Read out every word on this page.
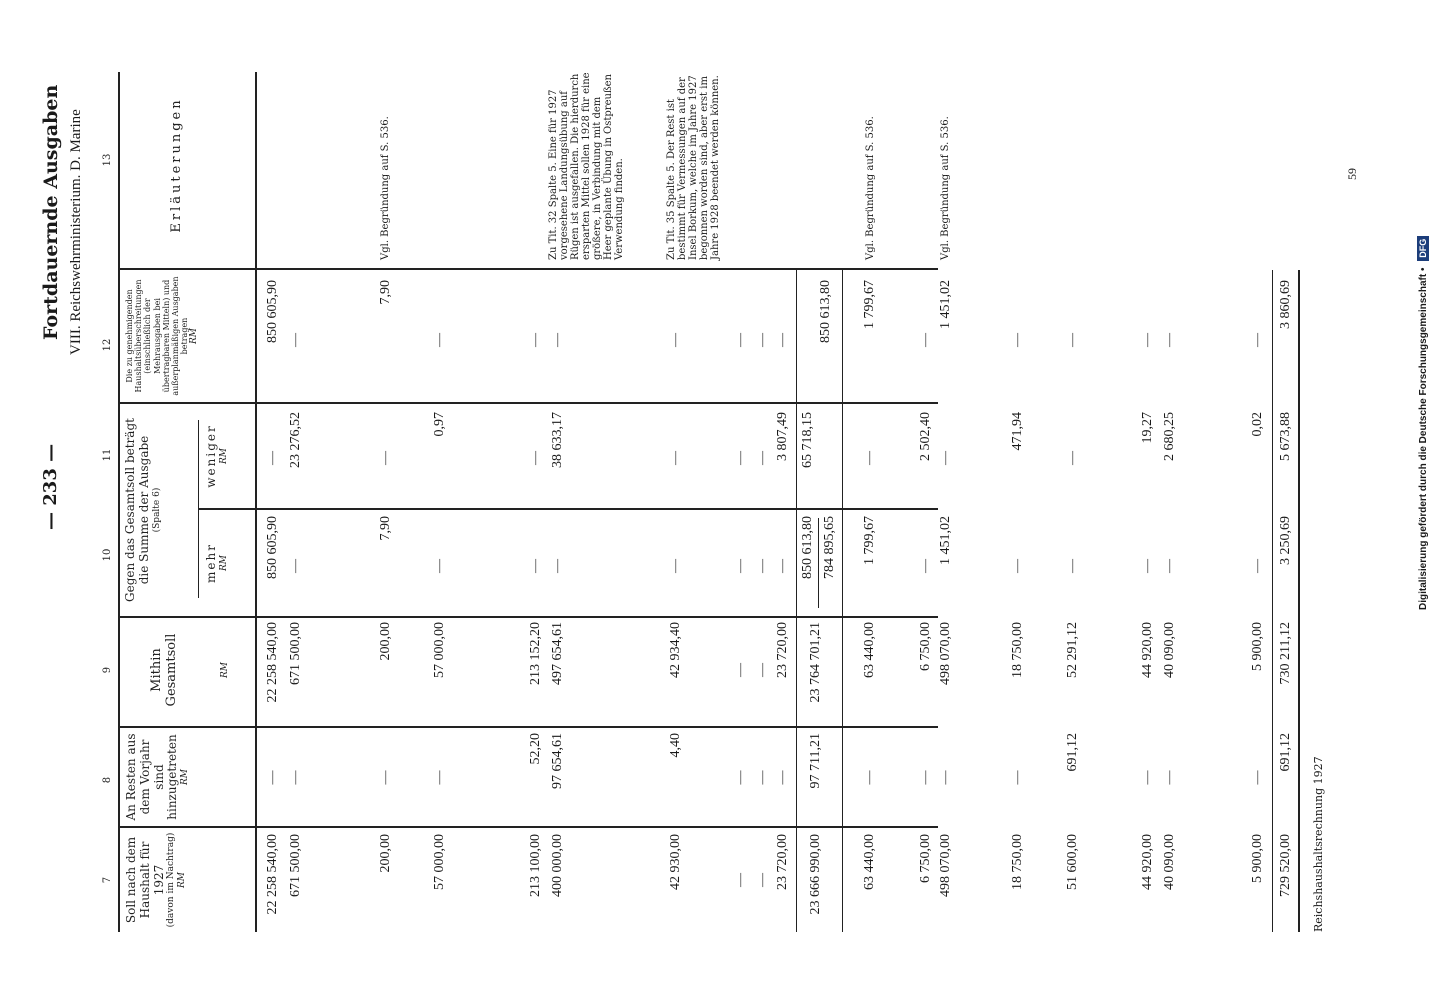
— 233 —
Fortdauernde Ausgaben VIII. Reichswehrministerium. D. Marine
7
8
9
10
11
12
13
Soll nach dem Haushalt für 1927 (davon im Nachtrag) RM
An Resten aus dem Vorjahr sind hinzugetreten RM
Mithin Gesamtsoll	RM
Gegen das Gesamtsoll beträgt die Summe der Ausgabe (Spalte 6)
mehr RM
weniger RM
Die zu genehmigenden Haushaltsüberschreitungen (einschließlich der Mehrausgaben bei übertragbaren Mitteln) und außerplanmäßigen Ausgaben betragen RM
Erläuterungen
22 258 540,00
—
22 258 540,00
850 605,90
—
850 605,90
671 500,00
—
671 500,00
—
23 276,52
—
200,00
—
200,00
7,90
—
7,90
Vgl. Begründung auf S. 536.
57 000,00
—
57 000,00
—
0,97
—
213 100,00
52,20
213 152,20
—
—
—
400 000,00
97 654,61
497 654,61
—
38 633,17
—
Zu Tit. 32 Spalte 5. Eine für 1927 vorgesehene Landungsübung auf Rügen ist ausgefallen. Die hierdurch ersparten Mittel sollen 1928 für eine größere, in Verbindung mit dem Heer geplante Übung in Ostpreußen Verwendung finden.
42 930,00
4,40
42 934,40
—
—
—
Zu Tit. 35 Spalte 5. Der Rest ist bestimmt für Vermessungen auf der Insel Borkum, welche im Jahre 1927 begonnen worden sind, aber erst im Jahre 1928 beendet werden können.
—
—
—
—
—
—
—
—
—
—
—
—
23 720,00
—
23 720,00
—
3 807,49
—
23 666 990,00
97 711,21
23 764 701,21
850 613,80 784 895,65
65 718,15
850 613,80
63 440,00
—
63 440,00
1 799,67
—
1 799,67
Vgl. Begründung auf S. 536.
6 750,00
—
6 750,00
—
2 502,40
—
498 070,00
—
498 070,00
1 451,02
—
1 451,02
Vgl. Begründung auf S. 536.
18 750,00
—
18 750,00
—
471,94
—
51 600,00
691,12
52 291,12
—
—
—
44 920,00
—
44 920,00
—
19,27
—
40 090,00
—
40 090,00
—
2 680,25
—
5 900,00
—
5 900,00
—
0,02
—
729 520,00
691,12
730 211,12
3 250,69
5 673,88
3 860,69
Reichshaushaltsrechnung 1927
59
Digitalisierung gefördert durch die Deutsche Forschungsgemeinschaft • DFG
